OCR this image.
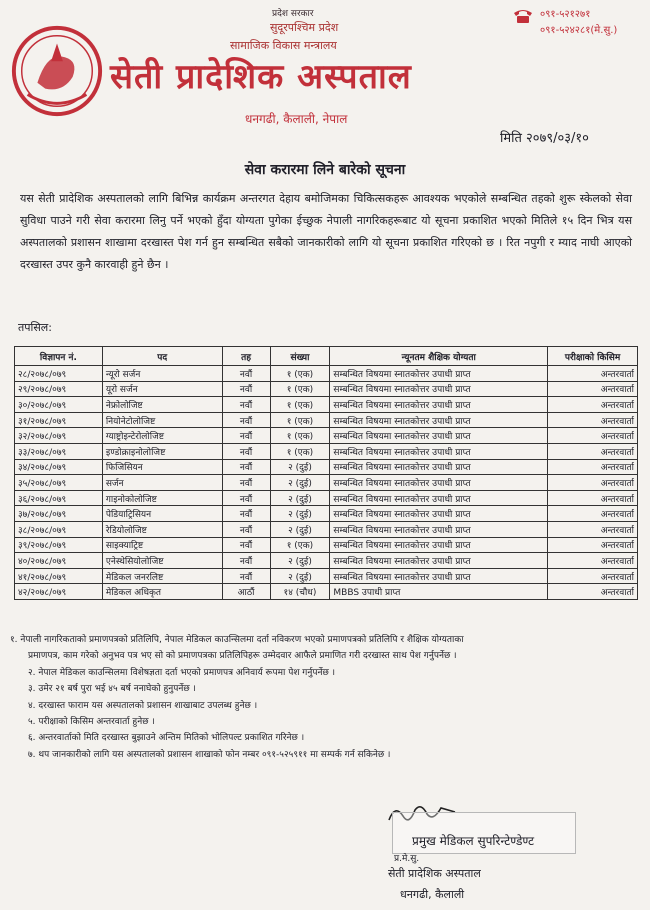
प्रदेश सरकार
सुदूरपश्चिम प्रदेश
सामाजिक विकास मन्त्रालय
सेती प्रादेशिक अस्पताल
धनगढी, कैलाली, नेपाल
०९१-५२१२७१
०९१-५२४२८१(मे.सु.)
मिति २०७९/०३/१०
सेवा करारमा लिने बारेको सूचना
यस सेती प्रादेशिक अस्पतालको लागि बिभिन्न कार्यक्रम अन्तरगत देहाय बमोजिमका चिकित्सकहरू आवश्यक भएकोले सम्बन्धित तहको शुरू स्केलको सेवा सुविधा पाउने गरी सेवा करारमा लिनु पर्ने भएको हुँदा योग्यता पुगेका ईच्छुक नेपाली नागरिकहरूबाट यो सूचना प्रकाशित भएको मितिले १५ दिन भित्र यस अस्पतालको प्रशासन शाखामा दरखास्त पेश गर्न हुन सम्बन्धित सबैको जानकारीको लागि यो सूचना प्रकाशित गरिएको छ । रित नपुगी र म्याद नाघी आएको दरखास्त उपर कुनै कारवाही हुने छैन ।
तपसिल:
विज्ञापन नं.	पद	तह	संख्या	न्यूनतम शैक्षिक योग्यता	परीक्षाको किसिम
२८/२०७८/०७९	न्यूरो सर्जन	नवौं	१ (एक)	सम्बन्धित विषयमा स्नातकोत्तर उपाधी प्राप्त	अन्तरवार्ता
२९/२०७८/०७९	यूरो सर्जन	नवौं	१ (एक)	सम्बन्धित विषयमा स्नातकोत्तर उपाधी प्राप्त	अन्तरवार्ता
३०/२०७८/०७९	नेफ्रोलोजिष्ट	नवौं	१ (एक)	सम्बन्धित विषयमा स्नातकोत्तर उपाधी प्राप्त	अन्तरवार्ता
३१/२०७८/०७९	नियोनेटोलोजिष्ट	नवौं	१ (एक)	सम्बन्धित विषयमा स्नातकोत्तर उपाधी प्राप्त	अन्तरवार्ता
३२/२०७८/०७९	ग्याष्ट्रोइन्टेरोलोजिष्ट	नवौं	१ (एक)	सम्बन्धित विषयमा स्नातकोत्तर उपाधी प्राप्त	अन्तरवार्ता
३३/२०७८/०७९	इण्डोक्राइनोलोजिष्ट	नवौं	१ (एक)	सम्बन्धित विषयमा स्नातकोत्तर उपाधी प्राप्त	अन्तरवार्ता
३४/२०७८/०७९	फिजिसियन	नवौं	२ (दुई)	सम्बन्धित विषयमा स्नातकोत्तर उपाधी प्राप्त	अन्तरवार्ता
३५/२०७८/०७९	सर्जन	नवौं	२ (दुई)	सम्बन्धित विषयमा स्नातकोत्तर उपाधी प्राप्त	अन्तरवार्ता
३६/२०७८/०७९	गाइनोकोलोजिष्ट	नवौं	२ (दुई)	सम्बन्धित विषयमा स्नातकोत्तर उपाधी प्राप्त	अन्तरवार्ता
३७/२०७८/०७९	पेडियाट्रिसियन	नवौं	२ (दुई)	सम्बन्धित विषयमा स्नातकोत्तर उपाधी प्राप्त	अन्तरवार्ता
३८/२०७८/०७९	रेडियोलोजिष्ट	नवौं	२ (दुई)	सम्बन्धित विषयमा स्नातकोत्तर उपाधी प्राप्त	अन्तरवार्ता
३९/२०७८/०७९	साइक्याट्रिष्ट	नवौं	१ (एक)	सम्बन्धित विषयमा स्नातकोत्तर उपाधी प्राप्त	अन्तरवार्ता
४०/२०७८/०७९	एनेस्थेसियोलोजिष्ट	नवौं	२ (दुई)	सम्बन्धित विषयमा स्नातकोत्तर उपाधी प्राप्त	अन्तरवार्ता
४१/२०७८/०७९	मेडिकल जनरलिष्ट	नवौं	२ (दुई)	सम्बन्धित विषयमा स्नातकोत्तर उपाधी प्राप्त	अन्तरवार्ता
४२/२०७८/०७९	मेडिकल अधिकृत	आठौं	१४ (चौध)	MBBS उपाधी प्राप्त	अन्तरवार्ता
१. नेपाली नागरिकताको प्रमाणपत्रको प्रतिलिपि, नेपाल मेडिकल काउन्सिलमा दर्ता नविकरण भएको प्रमाणपत्रको प्रतिलिपि र शैक्षिक योग्यताका
प्रमाणपत्र, काम गरेको अनुभव पत्र भए सो को प्रमाणपत्रका प्रतिलिपिहरू उम्मेदवार आफैले प्रमाणित गरी दरखास्त साथ पेश गर्नुपर्नेछ ।
२. नेपाल मेडिकल काउन्सिलमा विशेषज्ञता दर्ता भएको प्रमाणपत्र अनिवार्य रूपमा पेश गर्नुपर्नेछ ।
३. उमेर २१ बर्ष पुरा भई ४५ बर्ष ननाघेको हुनुपर्नेछ ।
४. दरखास्त फाराम यस अस्पतालको प्रशासन शाखाबाट उपलब्ध हुनेछ ।
५. परीक्षाको किसिम अन्तरवार्ता हुनेछ ।
६. अन्तरवार्ताको मिति दरखास्त बुझाउने अन्तिम मितिको भोलिपल्ट प्रकाशित गरिनेछ ।
७. थप जानकारीको लागि यस अस्पतालको प्रशासन शाखाको फोन नम्बर ०९१-५२५९११ मा सम्पर्क गर्न सकिनेछ ।
प्रमुख मेडिकल सुपरिन्टेण्डेण्ट
प्र.मे.सु.
सेती प्रादेशिक अस्पताल
धनगढी, कैलाली
